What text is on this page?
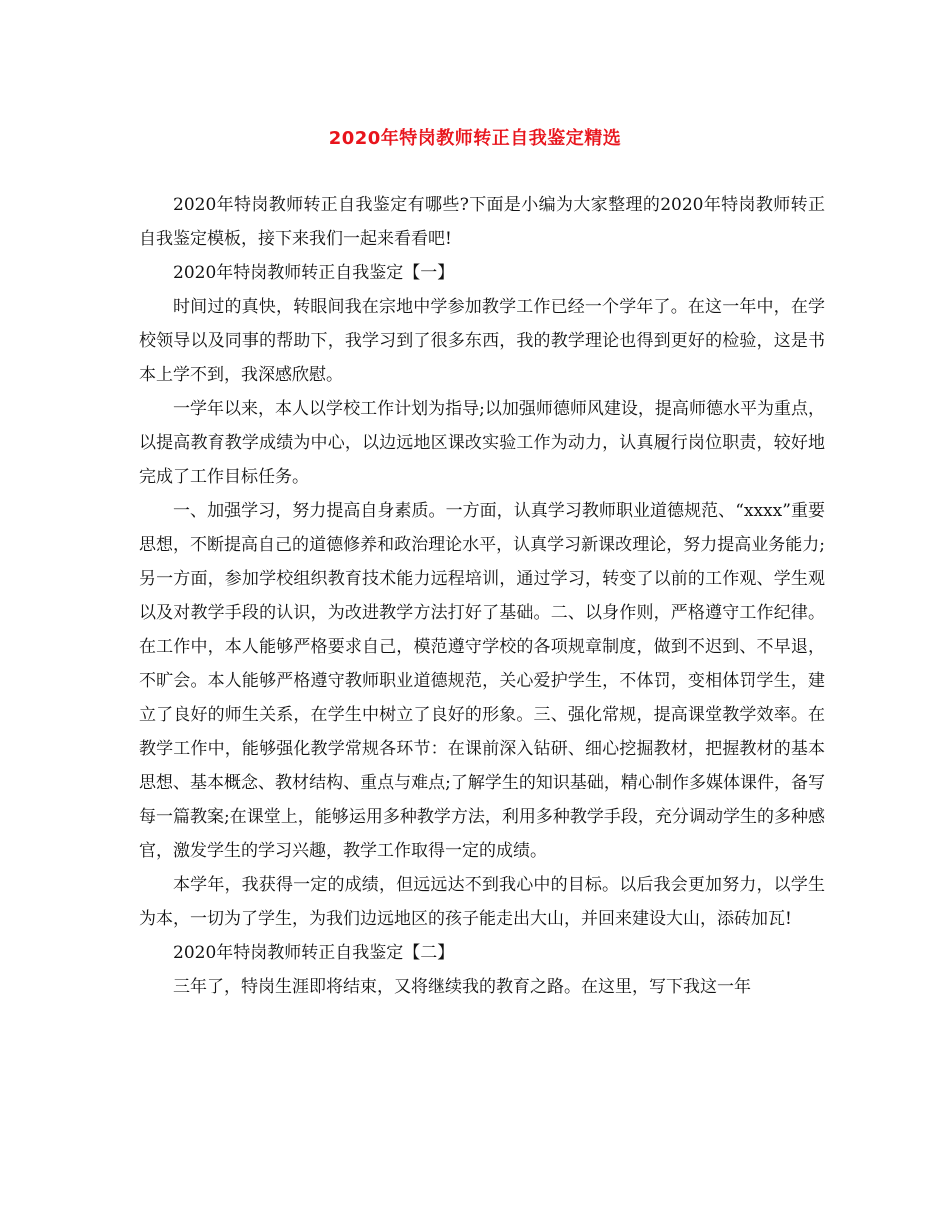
2020年特岗教师转正自我鉴定精选

2020年特岗教师转正自我鉴定有哪些?下面是小编为大家整理的2020年特岗教师转正自我鉴定模板，接下来我们一起来看看吧!

2020年特岗教师转正自我鉴定【一】

时间过的真快，转眼间我在宗地中学参加教学工作已经一个学年了。在这一年中，在学校领导以及同事的帮助下，我学习到了很多东西，我的教学理论也得到更好的检验，这是书本上学不到，我深感欣慰。

一学年以来，本人以学校工作计划为指导;以加强师德师风建设，提高师德水平为重点，以提高教育教学成绩为中心，以边远地区课改实验工作为动力，认真履行岗位职责，较好地完成了工作目标任务。

一、加强学习，努力提高自身素质。一方面，认真学习教师职业道德规范、“xxxx”重要思想，不断提高自己的道德修养和政治理论水平，认真学习新课改理论，努力提高业务能力;另一方面，参加学校组织教育技术能力远程培训，通过学习，转变了以前的工作观、学生观以及对教学手段的认识，为改进教学方法打好了基础。二、以身作则，严格遵守工作纪律。在工作中，本人能够严格要求自己，模范遵守学校的各项规章制度，做到不迟到、不早退，不旷会。本人能够严格遵守教师职业道德规范，关心爱护学生，不体罚，变相体罚学生，建立了良好的师生关系，在学生中树立了良好的形象。三、强化常规，提高课堂教学效率。在教学工作中，能够强化教学常规各环节：在课前深入钻研、细心挖掘教材，把握教材的基本思想、基本概念、教材结构、重点与难点;了解学生的知识基础，精心制作多媒体课件，备写每一篇教案;在课堂上，能够运用多种教学方法，利用多种教学手段，充分调动学生的多种感官，激发学生的学习兴趣，教学工作取得一定的成绩。

本学年，我获得一定的成绩，但远远达不到我心中的目标。以后我会更加努力，以学生为本，一切为了学生，为我们边远地区的孩子能走出大山，并回来建设大山，添砖加瓦!

2020年特岗教师转正自我鉴定【二】

三年了，特岗生涯即将结束，又将继续我的教育之路。在这里，写下我这一年
